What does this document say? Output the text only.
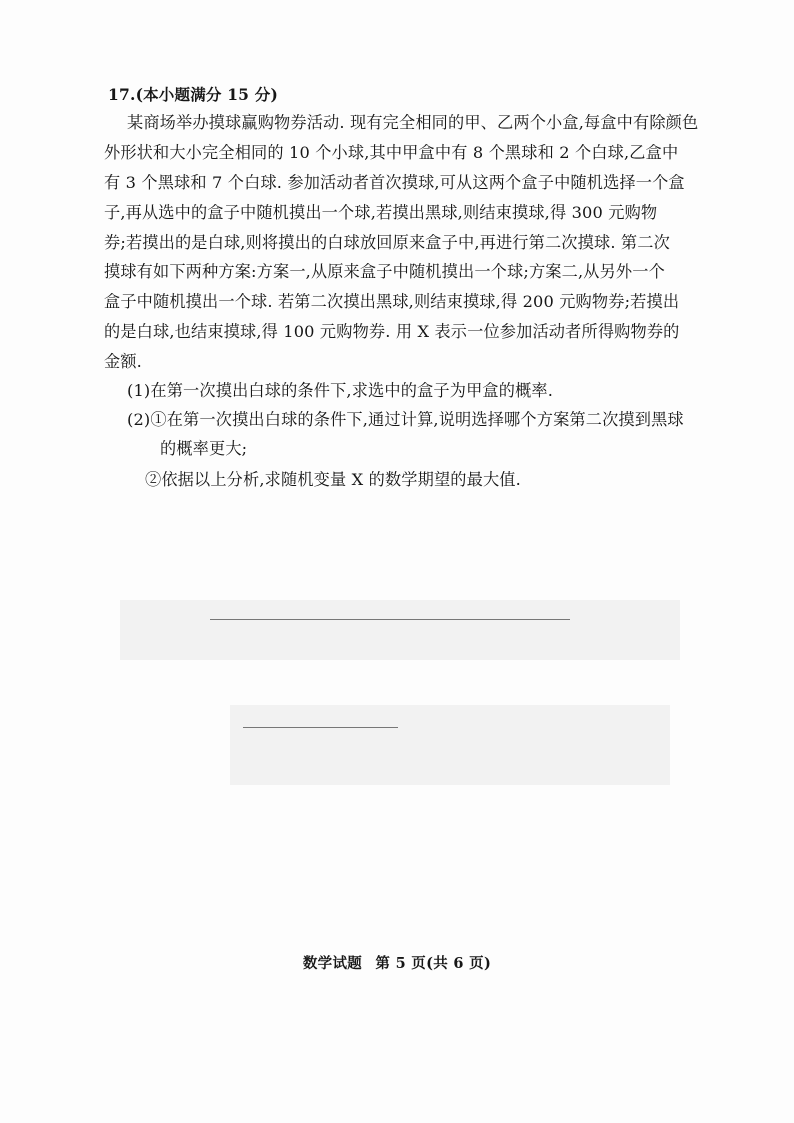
17.(本小题满分 15 分)
某商场举办摸球赢购物券活动. 现有完全相同的甲、乙两个小盒,每盒中有除颜色
外形状和大小完全相同的 10 个小球,其中甲盒中有 8 个黑球和 2 个白球,乙盒中
有 3 个黑球和 7 个白球. 参加活动者首次摸球,可从这两个盒子中随机选择一个盒
子,再从选中的盒子中随机摸出一个球,若摸出黑球,则结束摸球,得 300 元购物
券;若摸出的是白球,则将摸出的白球放回原来盒子中,再进行第二次摸球. 第二次
摸球有如下两种方案:方案一,从原来盒子中随机摸出一个球;方案二,从另外一个
盒子中随机摸出一个球. 若第二次摸出黑球,则结束摸球,得 200 元购物券;若摸出
的是白球,也结束摸球,得 100 元购物券. 用 X 表示一位参加活动者所得购物券的
金额.
(1)在第一次摸出白球的条件下,求选中的盒子为甲盒的概率.
(2)①在第一次摸出白球的条件下,通过计算,说明选择哪个方案第二次摸到黑球
的概率更大;
②依据以上分析,求随机变量 X 的数学期望的最大值.
数学试题 第 5 页(共 6 页)
